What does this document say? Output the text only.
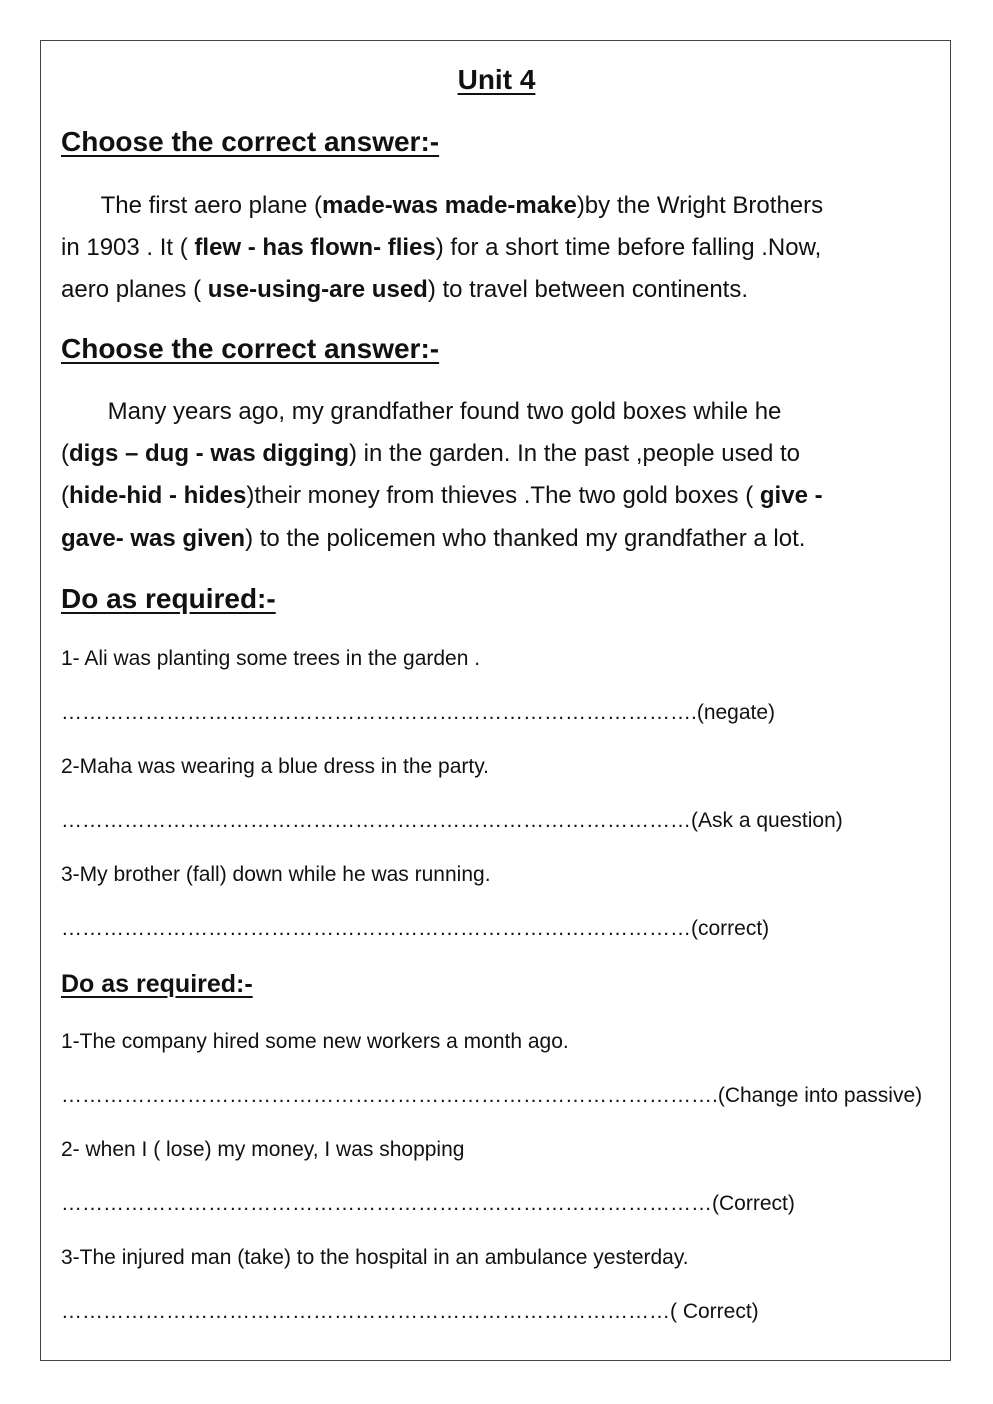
Unit 4
Choose the correct answer:-
The first aero plane (made-was made-make)by the Wright Brothers
in 1903 . It ( flew - has flown- flies) for a short time before falling .Now,
aero planes ( use-using-are used) to travel between continents.
Choose the correct answer:-
Many years ago, my grandfather found two gold boxes while he
(digs – dug - was digging) in the garden. In the past ,people used to
(hide-hid - hides)their money from thieves .The two gold boxes ( give -
gave- was given) to the policemen who thanked my grandfather a lot.
Do as required:-
1- Ali was planting some trees in the garden .
……………………………………………………………………………….(negate)
2-Maha was wearing a blue dress in the party.
………………………………………………………………………………(Ask a question)
3-My brother (fall) down while he was running.
………………………………………………………………………………(correct)
Do as required:-
1-The company hired some new workers a month ago.
………………………………………………………………………………….(Change into passive)
2- when I ( lose) my money, I was shopping
…………………………………………………………………………………(Correct)
3-The injured man (take) to the hospital in an ambulance yesterday.
……………………………………………………………………………( Correct)
